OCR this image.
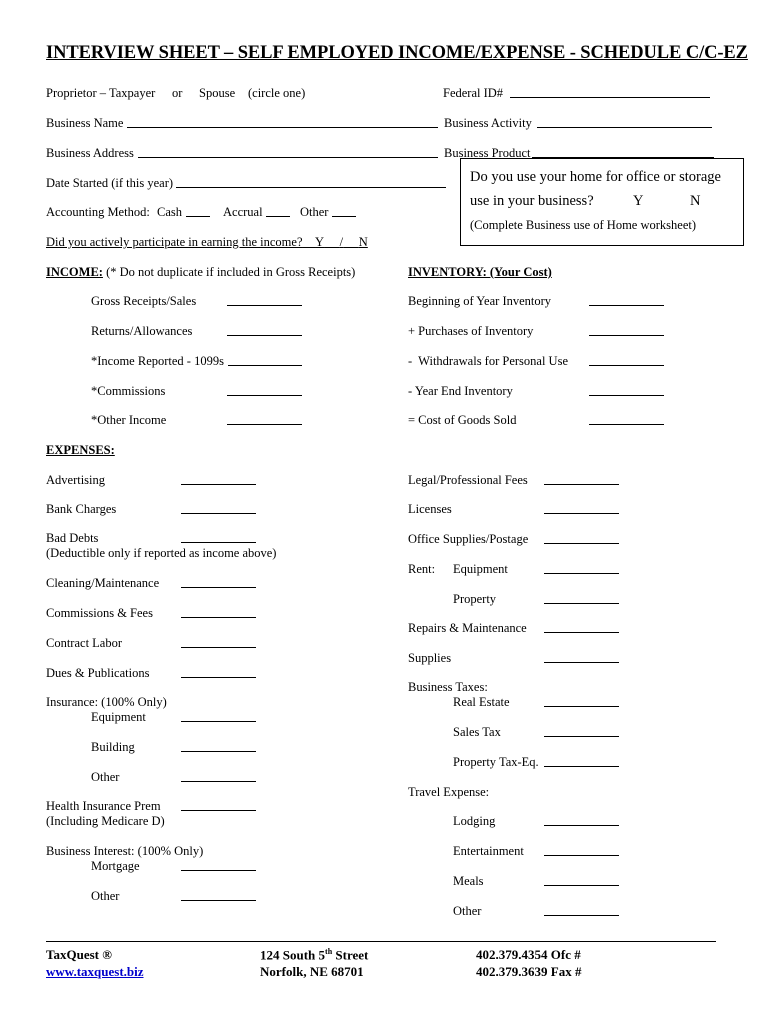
INTERVIEW SHEET – SELF EMPLOYED INCOME/EXPENSE - SCHEDULE C/C-EZ
Proprietor – Taxpayer or Spouse (circle one)	Federal ID#
Business Name	Business Activity
Business Address	Business Product
Date Started (if this year)
Accounting Method: Cash	Accrual	Other
Did you actively participate in earning the income? Y / N
Do you use your home for office or storage
use in your business?	Y	N
(Complete Business use of Home worksheet)
INCOME: (* Do not duplicate if included in Gross Receipts)	INVENTORY: (Your Cost)
Gross Receipts/Sales
Returns/Allowances
*Income Reported - 1099s
*Commissions
*Other Income
Beginning of Year Inventory
+ Purchases of Inventory
-  Withdrawals for Personal Use
- Year End Inventory
= Cost of Goods Sold
EXPENSES:
Advertising
Bank Charges
Bad Debts
(Deductible only if reported as income above)
Cleaning/Maintenance
Commissions & Fees
Contract Labor
Dues & Publications
Insurance: (100% Only)
Equipment
Building
Other
Health Insurance Prem
(Including Medicare D)
Business Interest: (100% Only)
Mortgage
Other
Legal/Professional Fees
Licenses
Office Supplies/Postage
Rent: Equipment
Property
Repairs & Maintenance
Supplies
Business Taxes:
Real Estate
Sales Tax
Property Tax-Eq.
Travel Expense:
Lodging
Entertainment
Meals
Other
TaxQuest ®
www.taxquest.biz
124 South 5th Street
Norfolk, NE 68701
402.379.4354 Ofc #
402.379.3639 Fax #
